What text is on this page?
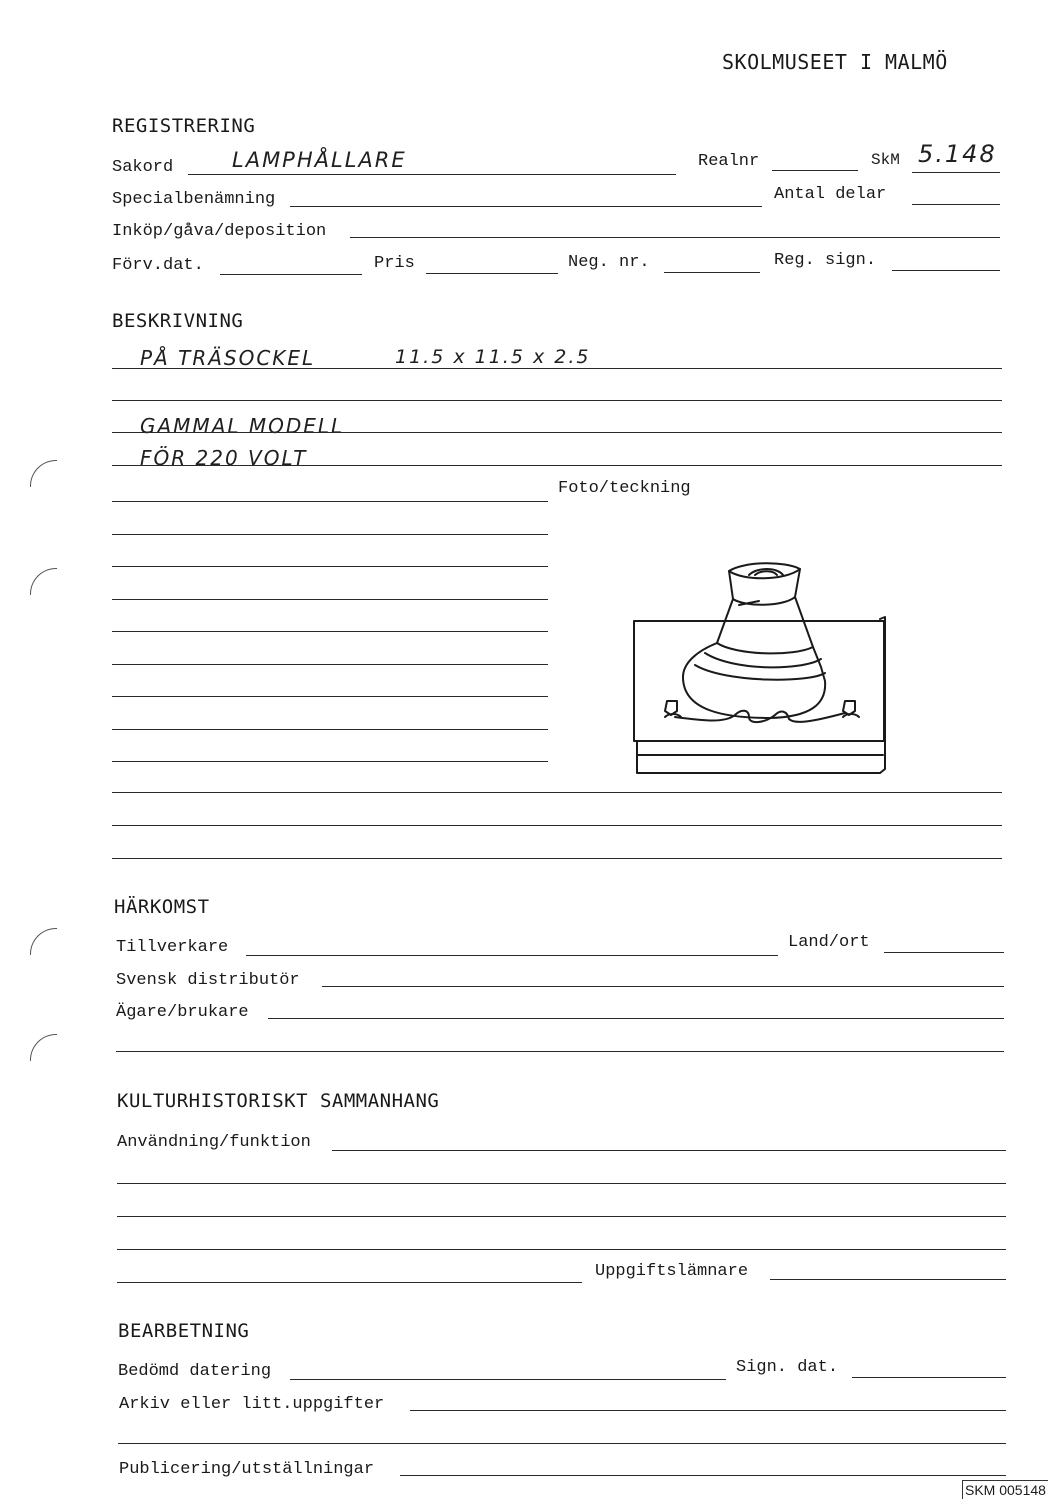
SKOLMUSEET I MALMÖ
REGISTRERING
Sakord	LAMPHÅLLARE	Realnr	SkM 5.148
Specialbenämning	Antal delar
Inköp/gåva/deposition
Förv.dat.	Pris	Neg. nr.	Reg. sign.
BESKRIVNING
PÅ TRÄSOCKEL	11.5 x 11.5 x 2.5
GAMMAL MODELL
FÖR 220 VOLT
Foto/teckning
HÄRKOMST
Tillverkare	Land/ort
Svensk distributör
Ägare/brukare
KULTURHISTORISKT SAMMANHANG
Användning/funktion
Uppgiftslämnare
BEARBETNING
Bedömd datering	Sign. dat.
Arkiv eller litt.uppgifter
Publicering/utställningar
SKM 005148
